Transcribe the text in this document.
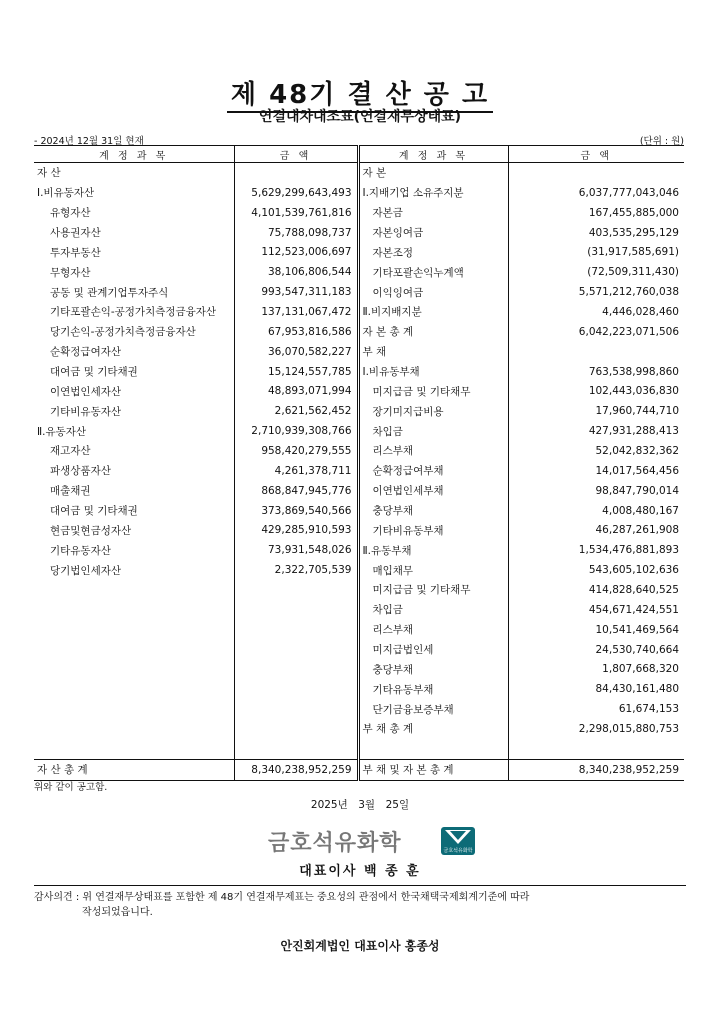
제 48기 결 산 공 고
연결대차대조표(연결재무상태표)
- 2024년 12월 31일 현재	(단위 : 원)
계 정 과 목	금 액	계 정 과 목	금 액
자 산		자 본	
Ⅰ.비유동자산	5,629,299,643,493	Ⅰ.지배기업 소유주지분	6,037,777,043,046
유형자산	4,101,539,761,816	자본금	167,455,885,000
사용권자산	75,788,098,737	자본잉여금	403,535,295,129
투자부동산	112,523,006,697	자본조정	(31,917,585,691)
무형자산	38,106,806,544	기타포괄손익누계액	(72,509,311,430)
공동 및 관계기업투자주식	993,547,311,183	이익잉여금	5,571,212,760,038
기타포괄손익-공정가치측정금융자산	137,131,067,472	Ⅱ.비지배지분	4,446,028,460
당기손익-공정가치측정금융자산	67,953,816,586	자 본 총 계	6,042,223,071,506
순확정급여자산	36,070,582,227	부 채	
대여금 및 기타채권	15,124,557,785	Ⅰ.비유동부채	763,538,998,860
이연법인세자산	48,893,071,994	미지급금 및 기타채무	102,443,036,830
기타비유동자산	2,621,562,452	장기미지급비용	17,960,744,710
Ⅱ.유동자산	2,710,939,308,766	차입금	427,931,288,413
재고자산	958,420,279,555	리스부채	52,042,832,362
파생상품자산	4,261,378,711	순확정급여부채	14,017,564,456
매출채권	868,847,945,776	이연법인세부채	98,847,790,014
대여금 및 기타채권	373,869,540,566	충당부채	4,008,480,167
현금및현금성자산	429,285,910,593	기타비유동부채	46,287,261,908
기타유동자산	73,931,548,026	Ⅱ.유동부채	1,534,476,881,893
당기법인세자산	2,322,705,539	매입채무	543,605,102,636
		미지급금 및 기타채무	414,828,640,525
		차입금	454,671,424,551
		리스부채	10,541,469,564
		미지급법인세	24,530,740,664
		충당부채	1,807,668,320
		기타유동부채	84,430,161,480
		단기금융보증부채	61,674,153
		부 채 총 계	2,298,015,880,753

자 산 총 계	8,340,238,952,259	부 채 및 자 본 총 계	8,340,238,952,259
위와 같이 공고함.
2025년　3월　25일
금호석유화학	금호석유화학
대표이사 백 종 훈
감사의견 : 위 연결재무상태표를 포함한 제 48기 연결재무제표는 중요성의 관점에서 한국채택국제회계기준에 따라
작성되었읍니다.
안진회계법인 대표이사 홍종성
